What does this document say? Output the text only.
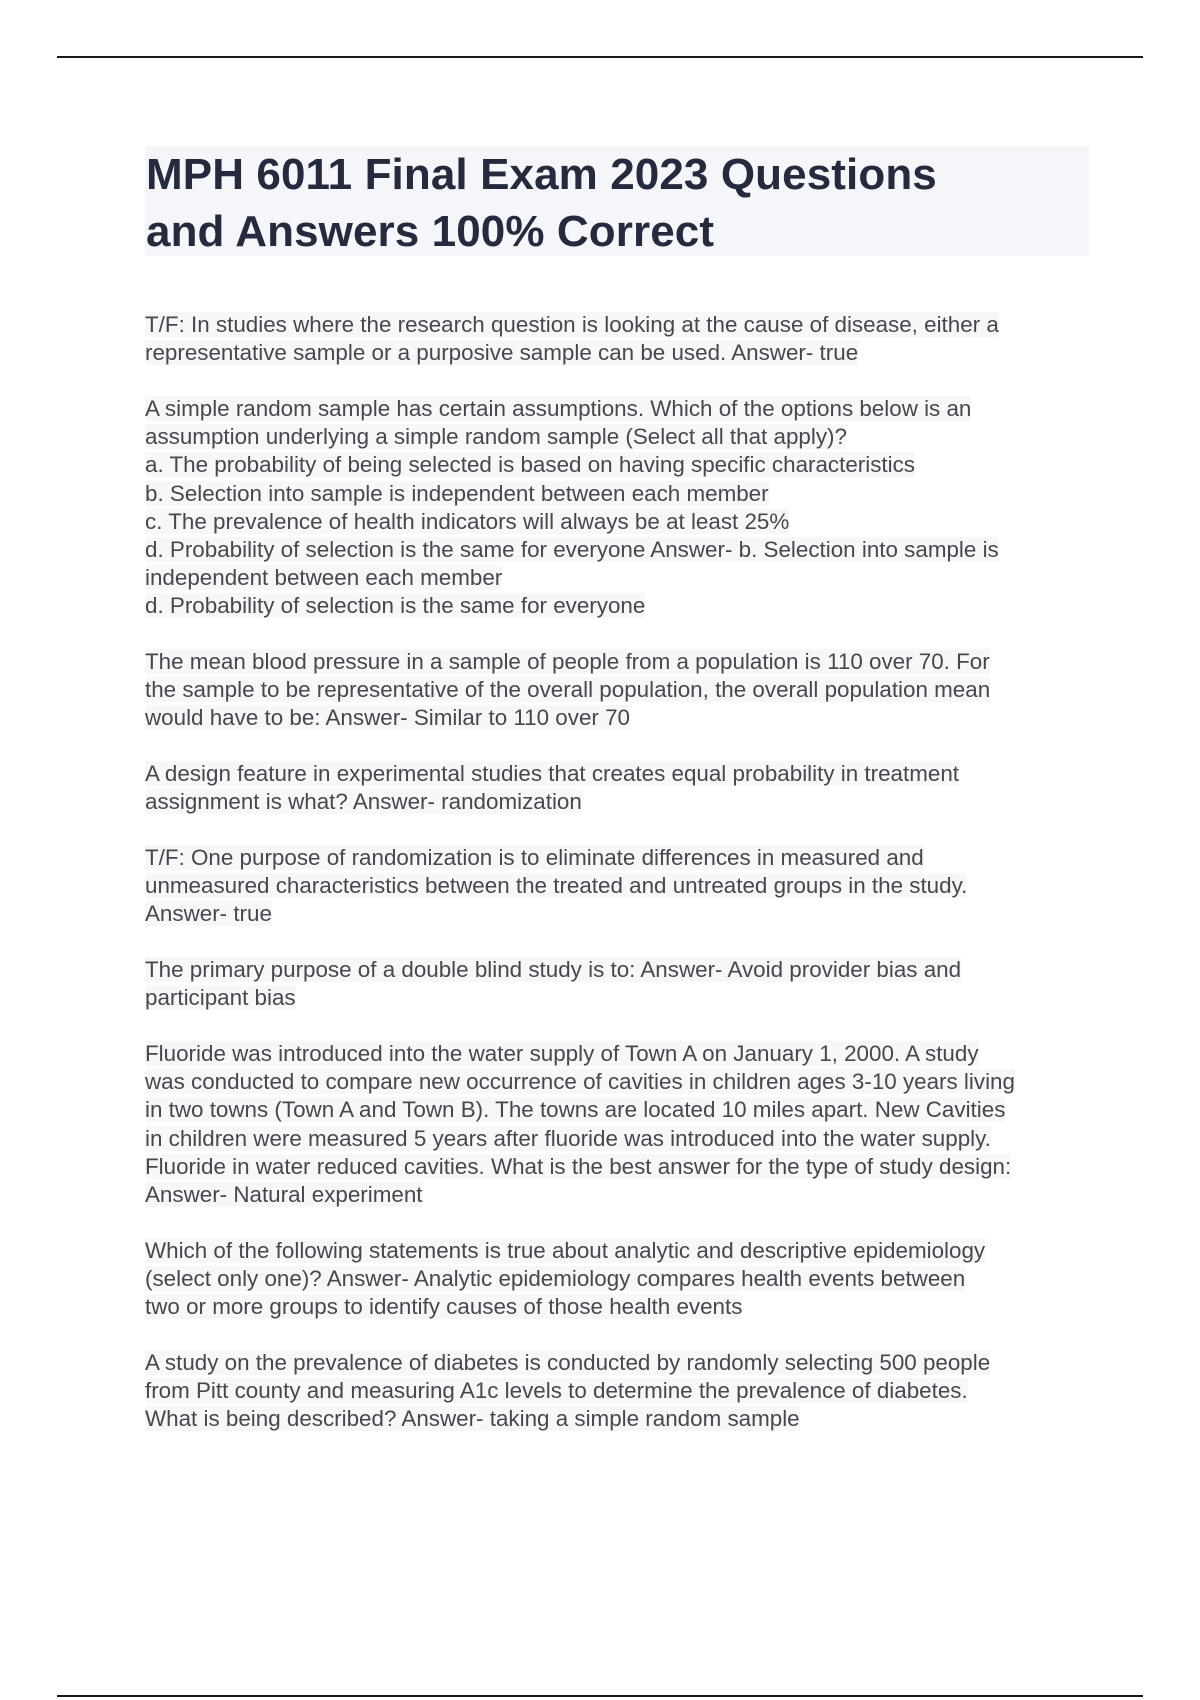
MPH 6011 Final Exam 2023 Questions
and Answers 100% Correct
T/F: In studies where the research question is looking at the cause of disease, either a
representative sample or a purposive sample can be used. Answer- true
A simple random sample has certain assumptions. Which of the options below is an
assumption underlying a simple random sample (Select all that apply)?
a. The probability of being selected is based on having specific characteristics
b. Selection into sample is independent between each member
c. The prevalence of health indicators will always be at least 25%
d. Probability of selection is the same for everyone Answer- b. Selection into sample is
independent between each member
d. Probability of selection is the same for everyone
The mean blood pressure in a sample of people from a population is 110 over 70. For
the sample to be representative of the overall population, the overall population mean
would have to be: Answer- Similar to 110 over 70
A design feature in experimental studies that creates equal probability in treatment
assignment is what? Answer- randomization
T/F: One purpose of randomization is to eliminate differences in measured and
unmeasured characteristics between the treated and untreated groups in the study.
Answer- true
The primary purpose of a double blind study is to: Answer- Avoid provider bias and
participant bias
Fluoride was introduced into the water supply of Town A on January 1, 2000. A study
was conducted to compare new occurrence of cavities in children ages 3-10 years living
in two towns (Town A and Town B). The towns are located 10 miles apart. New Cavities
in children were measured 5 years after fluoride was introduced into the water supply.
Fluoride in water reduced cavities. What is the best answer for the type of study design:
Answer- Natural experiment
Which of the following statements is true about analytic and descriptive epidemiology
(select only one)? Answer- Analytic epidemiology compares health events between
two or more groups to identify causes of those health events
A study on the prevalence of diabetes is conducted by randomly selecting 500 people
from Pitt county and measuring A1c levels to determine the prevalence of diabetes.
What is being described? Answer- taking a simple random sample
